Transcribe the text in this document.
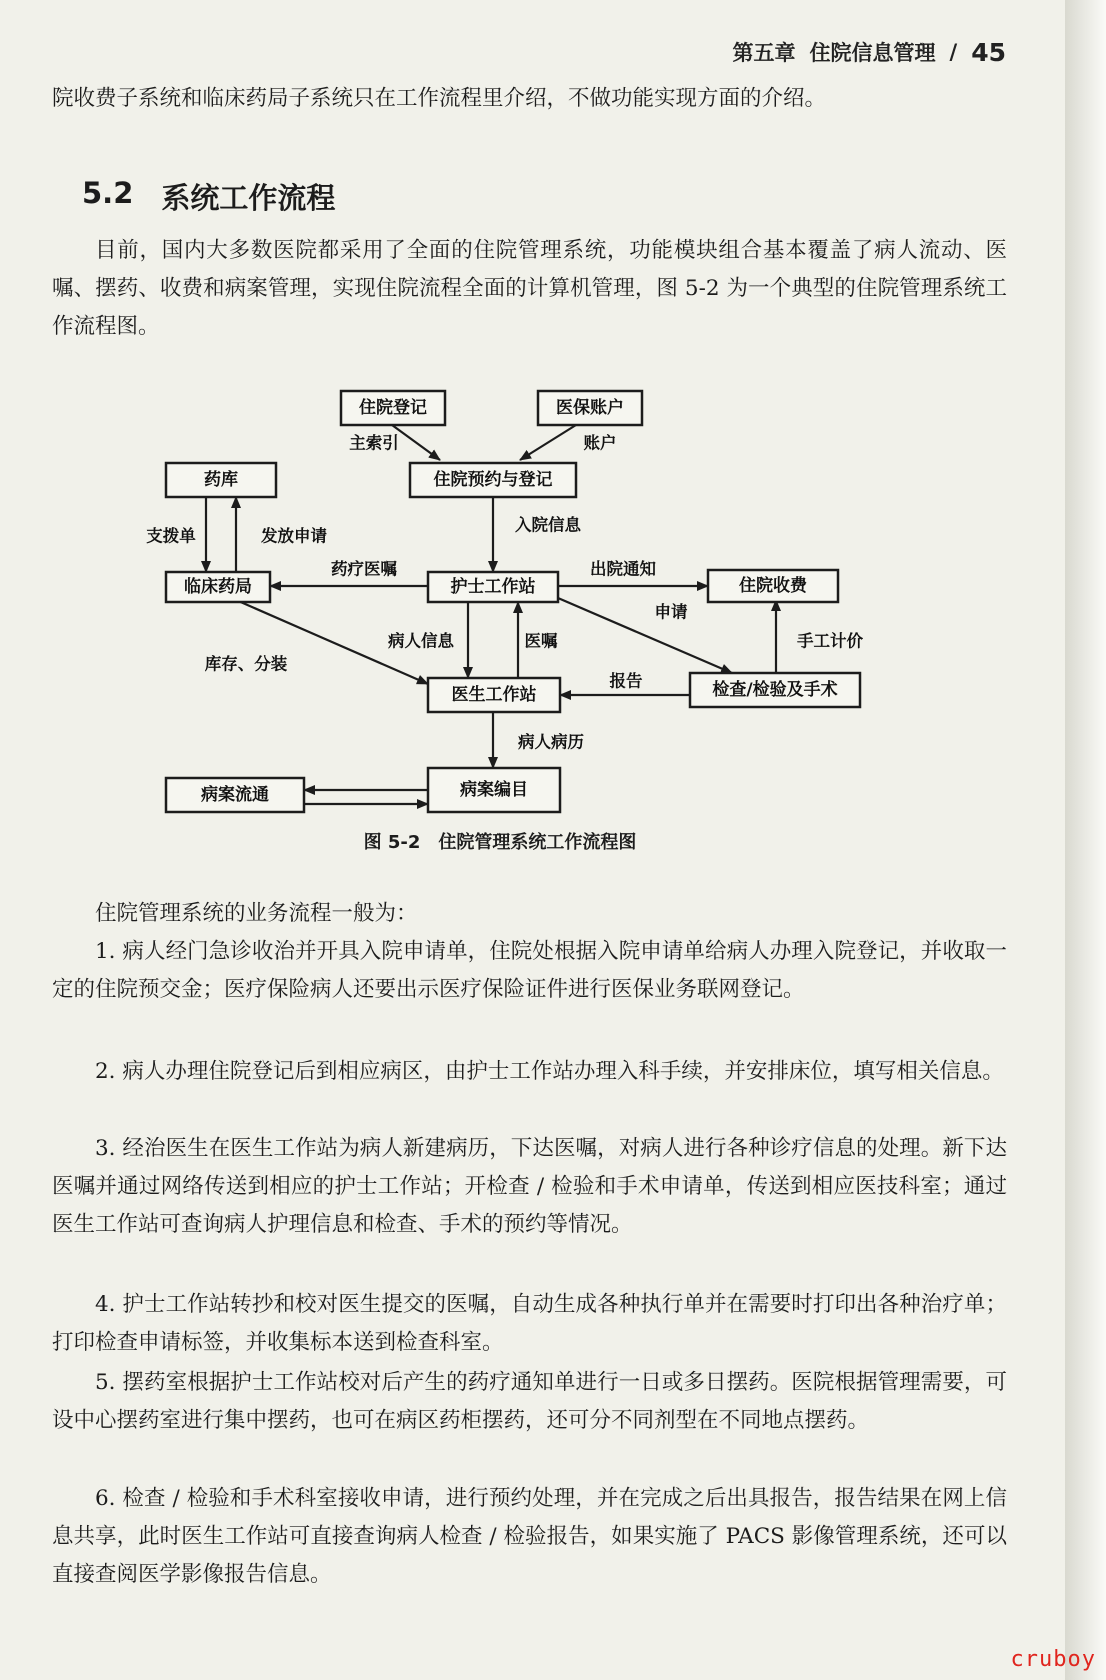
第五章 住院信息管理 / 45

院收费子系统和临床药局子系统只在工作流程里介绍，不做功能实现方面的介绍。

5.2 系统工作流程

目前，国内大多数医院都采用了全面的住院管理系统，功能模块组合基本覆盖了病人流动、医嘱、摆药、收费和病案管理，实现住院流程全面的计算机管理，图 5-2 为一个典型的住院管理系统工作流程图。

住院登记	医保账户
药库	住院预约与登记
临床药局	护士工作站	住院收费
医生工作站	检查/检验及手术
病案流通	病案编目
主索引	账户
入院信息
支拨单	发放申请
药疗医嘱	出院通知
申请
病人信息	医嘱	手工计价
库存、分装
报告
病人病历
图 5-2　住院管理系统工作流程图

住院管理系统的业务流程一般为：

1. 病人经门急诊收治并开具入院申请单，住院处根据入院申请单给病人办理入院登记，并收取一定的住院预交金；医疗保险病人还要出示医疗保险证件进行医保业务联网登记。

2. 病人办理住院登记后到相应病区，由护士工作站办理入科手续，并安排床位，填写相关信息。

3. 经治医生在医生工作站为病人新建病历，下达医嘱，对病人进行各种诊疗信息的处理。新下达医嘱并通过网络传送到相应的护士工作站；开检查 / 检验和手术申请单，传送到相应医技科室；通过医生工作站可查询病人护理信息和检查、手术的预约等情况。

4. 护士工作站转抄和校对医生提交的医嘱，自动生成各种执行单并在需要时打印出各种治疗单；打印检查申请标签，并收集标本送到检查科室。

5. 摆药室根据护士工作站校对后产生的药疗通知单进行一日或多日摆药。医院根据管理需要，可设中心摆药室进行集中摆药，也可在病区药柜摆药，还可分不同剂型在不同地点摆药。

6. 检查 / 检验和手术科室接收申请，进行预约处理，并在完成之后出具报告，报告结果在网上信息共享，此时医生工作站可直接查询病人检查 / 检验报告，如果实施了 PACS 影像管理系统，还可以直接查阅医学影像报告信息。

cruboy
